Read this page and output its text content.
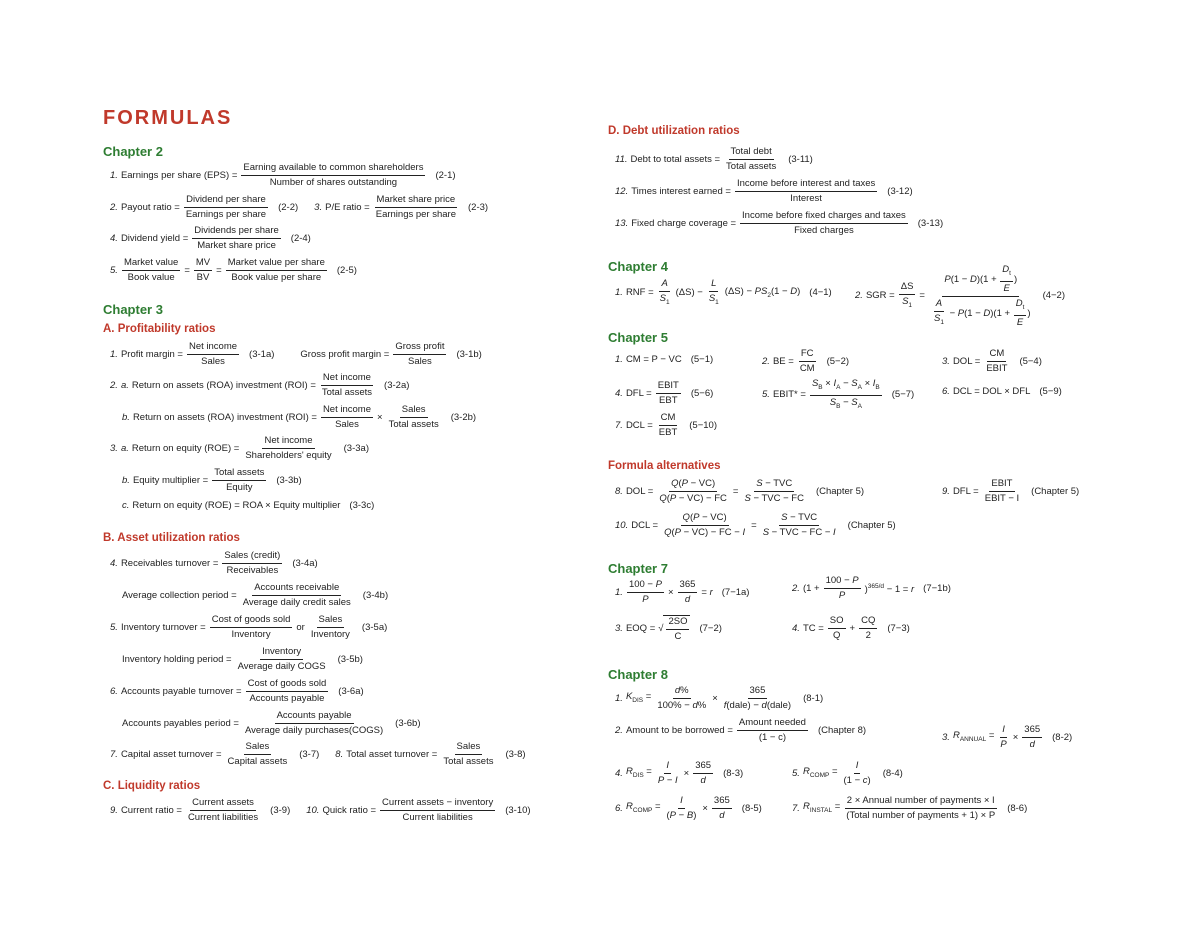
FORMULAS
Chapter 2
1. Earnings per share $(EPS) = \frac{\text{Earning available to common shareholders}}{\text{Number of shares outstanding}} (2-1)$
2. Payout ratio = $\frac{\text{Dividend per share}}{\text{Earnings per share}} (2-2)$ 3. P/E ratio = $\frac{\text{Market share price}}{\text{Earnings per share}} (2-3)$
4. Dividend yield = $\frac{\text{Dividends per share}}{\text{Market share price}} (2-4)$
5. $\frac{\text{Market value}}{\text{Book value}} = \frac{MV}{BV} = \frac{\text{Market value per share}}{\text{Book value per share}} (2-5)$
Chapter 3
A. Profitability ratios
1. Profit margin = $\frac{\text{Net income}}{\text{Sales}} (3-1a)$	Gross profit margin = $\frac{\text{Gross profit}}{\text{Sales}} (3-1b)$
2. a. Return on assets (ROA) investment $(ROI) = \frac{\text{Net income}}{\text{Total assets}} (3-2a)$
b. Return on assets (ROA) investment $(ROI) = \frac{\text{Net income}}{\text{Sales}} \times \frac{\text{Sales}}{\text{Total assets}} (3-2b)$
3. a. Return on equity $(ROE) = \frac{\text{Net income}}{\text{Shareholders' equity}} (3-3a)$
b. Equity multiplier = $\frac{\text{Total assets}}{\text{Equity}} (3-3b)$
c. Return on equity (ROE) = ROA × Equity multiplier (3-3c)
B. Asset utilization ratios
4. Receivables turnover = $\frac{\text{Sales (credit)}}{\text{Receivables}} (3-4a)$
Average collection period = $\frac{\text{Accounts receivable}}{\text{Average daily credit sales}} (3-4b)$
5. Inventory turnover = $\frac{\text{Cost of goods sold}}{\text{Inventory}}$ or $\frac{\text{Sales}}{\text{Inventory}} (3-5a)$
Inventory holding period = $\frac{\text{Inventory}}{\text{Average daily COGS}} (3-5b)$
6. Accounts payable turnover = $\frac{\text{Cost of goods sold}}{\text{Accounts payable}} (3-6a)$
Accounts payables period = $\frac{\text{Accounts payable}}{\text{Average daily purchases(COGS)}} (3-6b)$
7. Capital asset turnover = $\frac{\text{Sales}}{\text{Capital assets}} (3-7)$ 8. Total asset turnover = $\frac{\text{Sales}}{\text{Total assets}} (3-8)$
C. Liquidity ratios
9. Current ratio = $\frac{\text{Current assets}}{\text{Current liabilities}} (3-9)$ 10. Quick ratio = $\frac{\text{Current assets − inventory}}{\text{Current liabilities}} (3-10)$
D. Debt utilization ratios
11. Debt to total assets = $\frac{\text{Total debt}}{\text{Total assets}} (3-11)$
12. Times interest earned = $\frac{\text{Income before interest and taxes}}{\text{Interest}} (3-12)$
13. Fixed charge coverage = $\frac{\text{Income before fixed charges and taxes}}{\text{Fixed charges}} (3-13)$
Chapter 4
1. RNF = $\frac{A}{S_1} (\Delta S) - \frac{L}{S_1} (\Delta S) - PS_2(1 - D)$ (4−1) 2. SGR = $\frac{\Delta S}{S_1} = \frac{P(1 - D)(1 + \frac{D_t}{E} )}{\frac{A}{S_1} - P(1 - D)(1 + \frac{D_t}{E} )} (4-2)$
Chapter 5
1. CM = P − VC (5−1)	2. BE = $\frac{FC}{CM} (5-2)$	3. DOL = $\frac{CM}{\text{EBIT}} (5-4)$
4. DFL = $\frac{\text{EBIT}}{\text{EBT}} (5-6)$	5. EBIT* = $\frac{S_B \times I_A - S_A \times I_B}{S_B - S_A} (5-7)$	6. DCL = DOL × DFL (5−9)
7. DCL = $\frac{CM}{\text{EBT}} (5-10)$
Formula alternatives
8. DOL = $\frac{Q(P - VC)}{Q(P - VC) - FC} = \frac{\text{S − TVC}}{\text{S − TVC − FC}}$ (Chapter 5)	9. DFL = $\frac{\text{EBIT}}{\text{EBIT − I}}$ (Chapter 5)
10. DCL = $\frac{Q(P - VC)}{Q(P - VC) - FC - I} = \frac{\text{S − TVC}}{\text{S − TVC − FC − I}}$ (Chapter 5)
Chapter 7
1. $\frac{100 - P}{P} \times \frac{365}{d} = r$ (7−1a)	2. $(1 + \frac{100 - P}{P} )^{365/d} - 1 = r$ (7−1b)
3. EOQ = √ $\frac{2SO}{C} (7-2)$	4. TC = $\frac{SO}{Q} + \frac{CQ}{2} (7-3)$
Chapter 8
1. $K_{DIS} = \frac{d\%}{100\% - d\%} \times \frac{365}{\text{f(dale) − d(dale)}} (8-1)$
2. Amount to be borrowed = $\frac{\text{Amount needed}}{(1 - c)}$ (Chapter 8)
3. $R_{ANNUAL} = \frac{I}{P} \times \frac{365}{d} (8-2)$
4. $R_{DIS} = \frac{I}{P - I} \times \frac{365}{d} (8-3)$	5. $R_{COMP} = \frac{I}{(1 - c)} (8-4)$
6. $R_{COMP} = \frac{I}{(P - B)} \times \frac{365}{d} (8-5)$	7. $R_{INSTAL} = \frac{\text{2 × Annual number of payments × I}}{\text{(Total number of payments + 1) × P}} (8-6)$
